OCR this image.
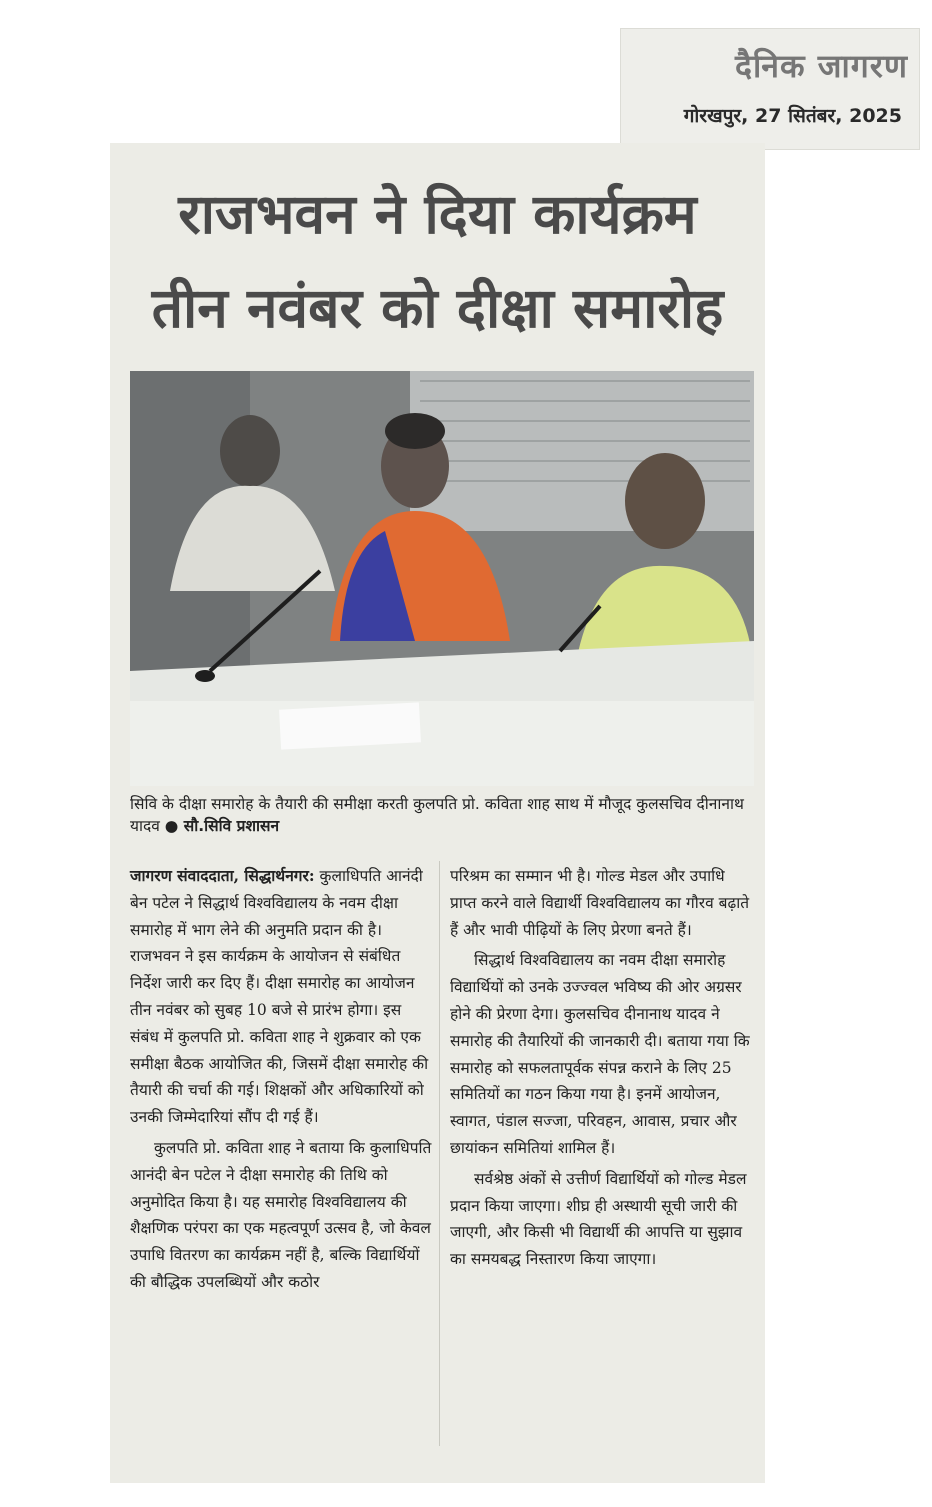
दैनिक जागरण
गोरखपुर, 27 सितंबर, 2025
राजभवन ने दिया कार्यक्रम
तीन नवंबर को दीक्षा समारोह
सिवि के दीक्षा समारोह के तैयारी की समीक्षा करती कुलपति प्रो. कविता शाह साथ में मौजूद कुलसचिव दीनानाथ यादव ● सौ.सिवि प्रशासन

जागरण संवाददाता, सिद्धार्थनगर: कुलाधिपति आनंदी बेन पटेल ने सिद्धार्थ विश्वविद्यालय के नवम दीक्षा समारोह में भाग लेने की अनुमति प्रदान की है। राजभवन ने इस कार्यक्रम के आयोजन से संबंधित निर्देश जारी कर दिए हैं। दीक्षा समारोह का आयोजन तीन नवंबर को सुबह 10 बजे से प्रारंभ होगा। इस संबंध में कुलपति प्रो. कविता शाह ने शुक्रवार को एक समीक्षा बैठक आयोजित की, जिसमें दीक्षा समारोह की तैयारी की चर्चा की गई। शिक्षकों और अधिकारियों को उनकी जिम्मेदारियां सौंप दी गई हैं।

कुलपति प्रो. कविता शाह ने बताया कि कुलाधिपति आनंदी बेन पटेल ने दीक्षा समारोह की तिथि को अनुमोदित किया है। यह समारोह विश्वविद्यालय की शैक्षणिक परंपरा का एक महत्वपूर्ण उत्सव है, जो केवल उपाधि वितरण का कार्यक्रम नहीं है, बल्कि विद्यार्थियों की बौद्धिक उपलब्धियों और कठोर

परिश्रम का सम्मान भी है। गोल्ड मेडल और उपाधि प्राप्त करने वाले विद्यार्थी विश्वविद्यालय का गौरव बढ़ाते हैं और भावी पीढ़ियों के लिए प्रेरणा बनते हैं।

सिद्धार्थ विश्वविद्यालय का नवम दीक्षा समारोह विद्यार्थियों को उनके उज्ज्वल भविष्य की ओर अग्रसर होने की प्रेरणा देगा। कुलसचिव दीनानाथ यादव ने समारोह की तैयारियों की जानकारी दी। बताया गया कि समारोह को सफलतापूर्वक संपन्न कराने के लिए 25 समितियों का गठन किया गया है। इनमें आयोजन, स्वागत, पंडाल सज्जा, परिवहन, आवास, प्रचार और छायांकन समितियां शामिल हैं।

सर्वश्रेष्ठ अंकों से उत्तीर्ण विद्यार्थियों को गोल्ड मेडल प्रदान किया जाएगा। शीघ्र ही अस्थायी सूची जारी की जाएगी, और किसी भी विद्यार्थी की आपत्ति या सुझाव का समयबद्ध निस्तारण किया जाएगा।
